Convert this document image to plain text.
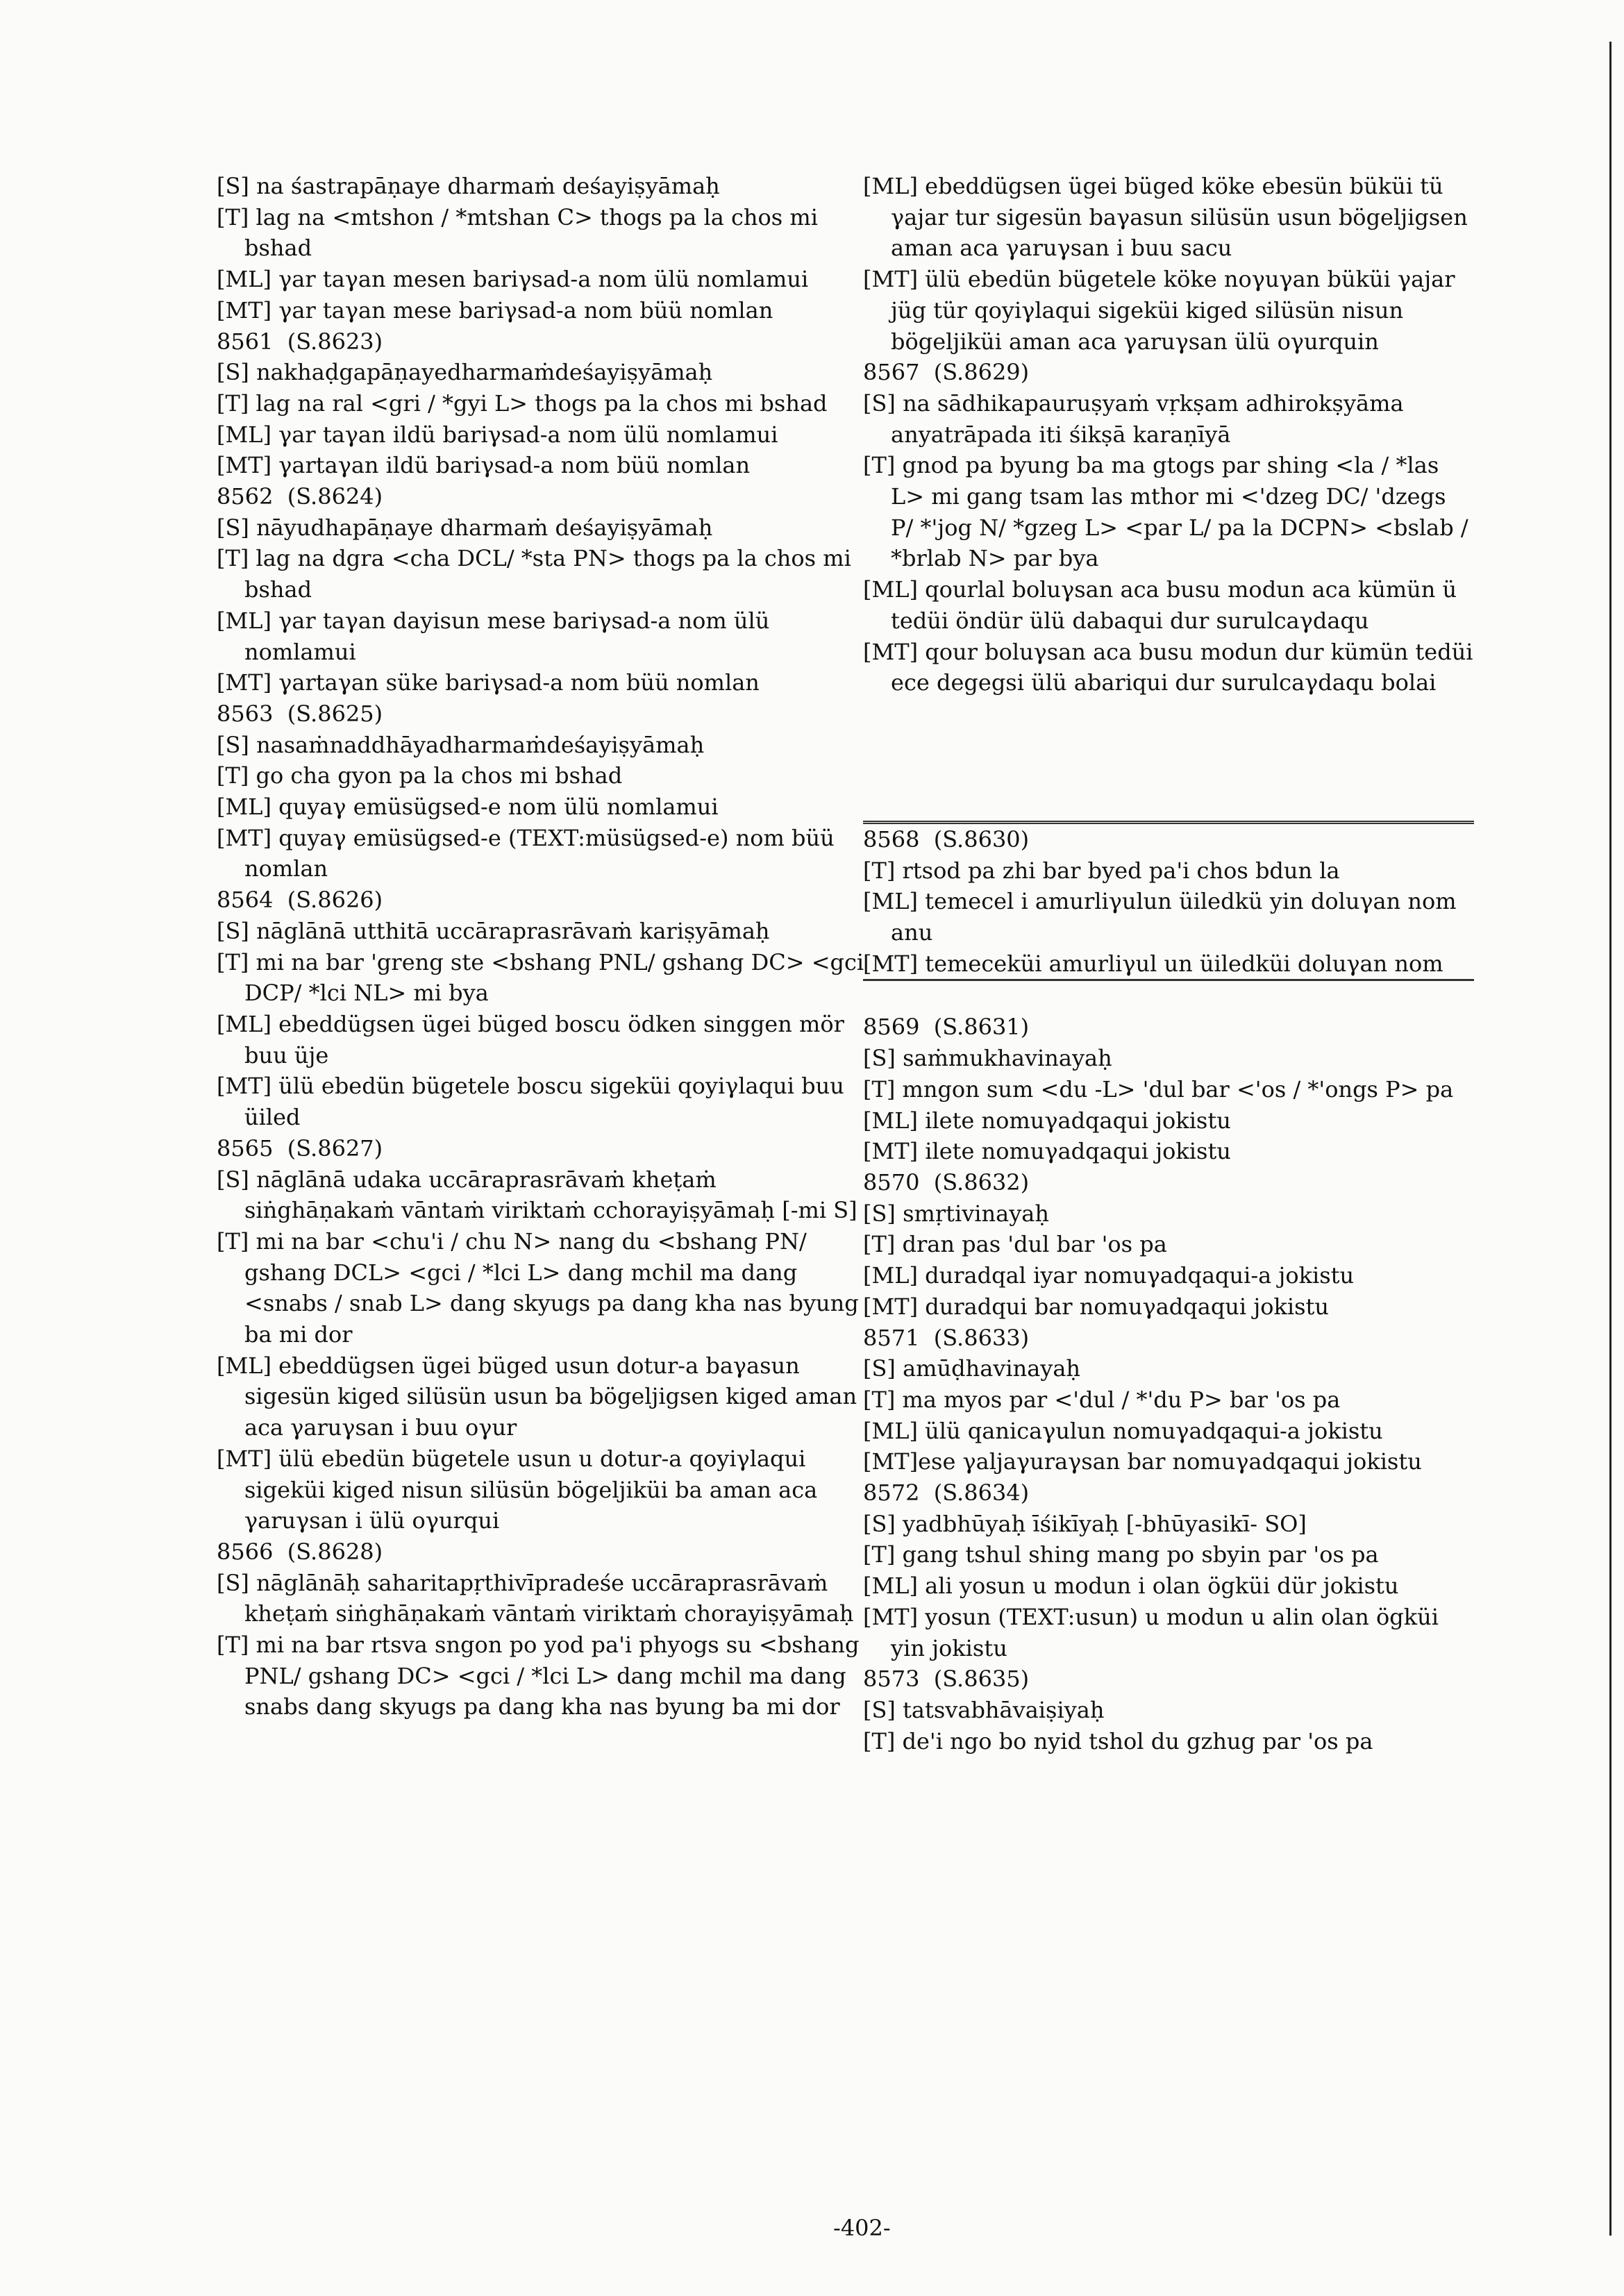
[S] na śastrapāṇaye dharmaṁ deśayiṣyāmaḥ
[T] lag na <mtshon / *mtshan C> thogs pa la chos mi bshad
[ML] γar taγan mesen bariγsad-a nom ülü nomlamui
[MT] γar taγan mese bariγsad-a nom büü nomlan
8561  (S.8623)
[S] nakhaḍgapāṇayedharmaṁdeśayiṣyāmaḥ
[T] lag na ral <gri / *gyi L> thogs pa la chos mi bshad
[ML] γar taγan ildü bariγsad-a nom ülü nomlamui
[MT] γartaγan ildü bariγsad-a nom büü nomlan
8562  (S.8624)
[S] nāyudhapāṇaye dharmaṁ deśayiṣyāmaḥ
[T] lag na dgra <cha DCL/ *sta PN> thogs pa la chos mi bshad
[ML] γar taγan dayisun mese bariγsad-a nom ülü nomlamui
[MT] γartaγan süke bariγsad-a nom büü nomlan
8563  (S.8625)
[S] nasaṁnaddhāyadharmaṁdeśayiṣyāmaḥ
[T] go cha gyon pa la chos mi bshad
[ML] quyaγ emüsügsed-e nom ülü nomlamui
[MT] quyaγ emüsügsed-e (TEXT:müsügsed-e) nom büü nomlan
8564  (S.8626)
[S] nāglānā utthitā uccāraprasrāvaṁ kariṣyāmaḥ
[T] mi na bar 'greng ste <bshang PNL/ gshang DC> <gci DCP/ *lci NL> mi bya
[ML] ebeddügsen ügei büged boscu ödken singgen mör buu üje
[MT] ülü ebedün bügetele boscu sigeküi qoyiγlaqui buu üiled
8565  (S.8627)
[S] nāglānā udaka uccāraprasrāvaṁ kheṭaṁ siṅghāṇakaṁ vāntaṁ viriktaṁ cchorayiṣyāmaḥ [-mi S]
[T] mi na bar <chu'i / chu N> nang du <bshang PN/ gshang DCL> <gci / *lci L> dang mchil ma dang <snabs / snab L> dang skyugs pa dang kha nas byung ba mi dor
[ML] ebeddügsen ügei büged usun dotur-a baγasun sigesün kiged silüsün usun ba bögeljigsen kiged aman aca γaruγsan i buu oγur
[MT] ülü ebedün bügetele usun u dotur-a qoyiγlaqui sigeküi kiged nisun silüsün bögeljiküi ba aman aca γaruγsan i ülü oγurqui
8566  (S.8628)
[S] nāglānāḥ saharitapṛthivīpradeśe uccāraprasrāvaṁ kheṭaṁ siṅghāṇakaṁ vāntaṁ viriktaṁ chorayiṣyāmaḥ
[T] mi na bar rtsva sngon po yod pa'i phyogs su <bshang PNL/ gshang DC> <gci / *lci L> dang mchil ma dang snabs dang skyugs pa dang kha nas byung ba mi dor
[ML] ebeddügsen ügei büged köke ebesün büküi tü γajar tur sigesün baγasun silüsün usun bögeljigsen aman aca γaruγsan i buu sacu
[MT] ülü ebedün bügetele köke noγuγan büküi γajar jüg tür qoyiγlaqui sigeküi kiged silüsün nisun bögeljiküi aman aca γaruγsan ülü oγurquin
8567  (S.8629)
[S] na sādhikapauruṣyaṁ vṛkṣam adhirokṣyāma anyatrāpada iti śikṣā karaṇīyā
[T] gnod pa byung ba ma gtogs par shing <la / *las L> mi gang tsam las mthor mi <'dzeg DC/ 'dzegs P/ *'jog N/ *gzeg L> <par L/ pa la DCPN> <bslab / *brlab N> par bya
[ML] qourlal boluγsan aca busu modun aca kümün ü tedüi öndür ülü dabaqui dur surulcaγdaqu
[MT] qour boluγsan aca busu modun dur kümün tedüi ece degegsi ülü abariqui dur surulcaγdaqu bolai
8568  (S.8630)
[T] rtsod pa zhi bar byed pa'i chos bdun la
[ML] temecel i amurliγulun üiledkü yin doluγan nom anu
[MT] temeceküi amurliγul un üiledküi doluγan nom
8569  (S.8631)
[S] saṁmukhavinayaḥ
[T] mngon sum <du -L> 'dul bar <'os / *'ongs P> pa
[ML] ilete nomuγadqaqui jokistu
[MT] ilete nomuγadqaqui jokistu
8570  (S.8632)
[S] smṛtivinayaḥ
[T] dran pas 'dul bar 'os pa
[ML] duradqal iyar nomuγadqaqui-a jokistu
[MT] duradqui bar nomuγadqaqui jokistu
8571  (S.8633)
[S] amūḍhavinayaḥ
[T] ma myos par <'dul / *'du P> bar 'os pa
[ML] ülü qanicaγulun nomuγadqaqui-a jokistu
[MT]ese γaljaγuraγsan bar nomuγadqaqui jokistu
8572  (S.8634)
[S] yadbhūyaḥ īśikīyaḥ [-bhūyasikī- SO]
[T] gang tshul shing mang po sbyin par 'os pa
[ML] ali yosun u modun i olan ögküi dür jokistu
[MT] yosun (TEXT:usun) u modun u alin olan ögküi yin jokistu
8573  (S.8635)
[S] tatsvabhāvaiṣiyaḥ
[T] de'i ngo bo nyid tshol du gzhug par 'os pa
-402-
